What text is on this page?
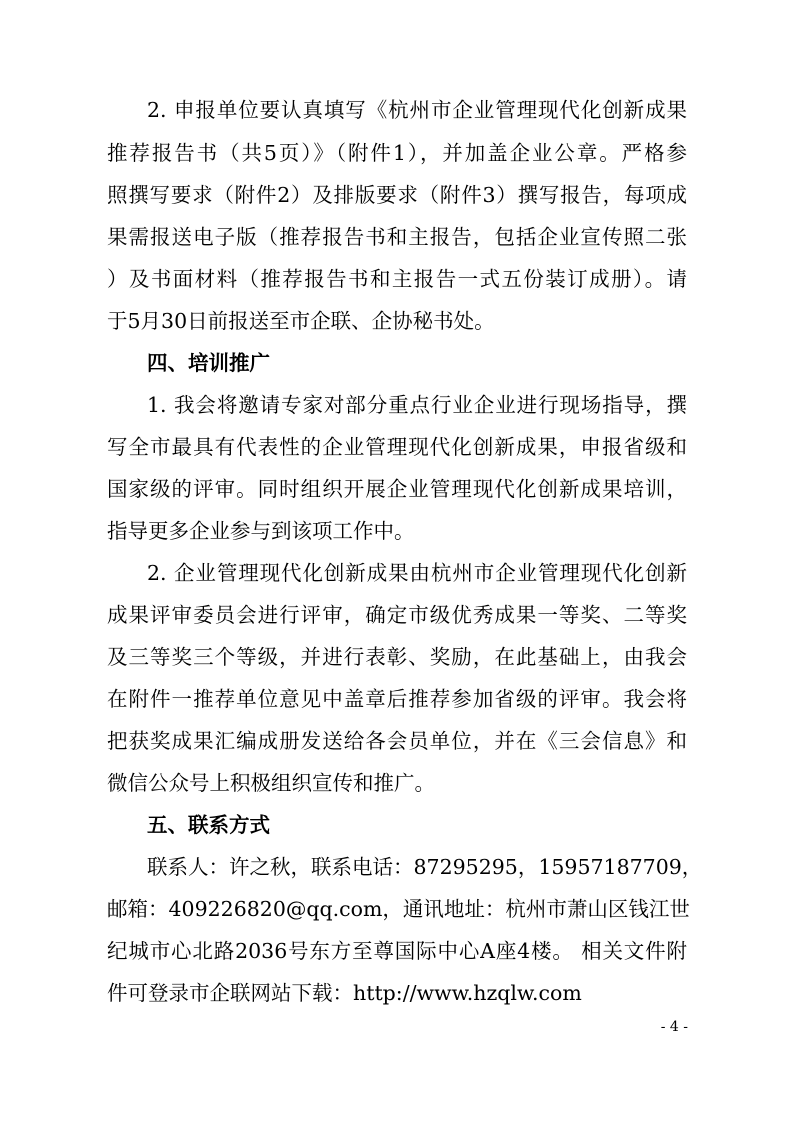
2. 申报单位要认真填写《杭州市企业管理现代化创新成果
推荐报告书（共5页）》（附件1），并加盖企业公章。严格参
照撰写要求（附件2）及排版要求（附件3）撰写报告，每项成
果需报送电子版（推荐报告书和主报告，包括企业宣传照二张
）及书面材料（推荐报告书和主报告一式五份装订成册）。请
于5月30日前报送至市企联、企协秘书处。
四、培训推广
1. 我会将邀请专家对部分重点行业企业进行现场指导，撰
写全市最具有代表性的企业管理现代化创新成果，申报省级和
国家级的评审。同时组织开展企业管理现代化创新成果培训，
指导更多企业参与到该项工作中。
2. 企业管理现代化创新成果由杭州市企业管理现代化创新
成果评审委员会进行评审，确定市级优秀成果一等奖、二等奖
及三等奖三个等级，并进行表彰、奖励，在此基础上，由我会
在附件一推荐单位意见中盖章后推荐参加省级的评审。我会将
把获奖成果汇编成册发送给各会员单位，并在《三会信息》和
微信公众号上积极组织宣传和推广。
五、联系方式
联系人：许之秋，联系电话：87295295，15957187709，
邮箱：409226820@qq.com，通讯地址：杭州市萧山区钱江世
纪城市心北路2036号东方至尊国际中心A座4楼。 相关文件附
件可登录市企联网站下载：http://www.hzqlw.com
- 4 -
